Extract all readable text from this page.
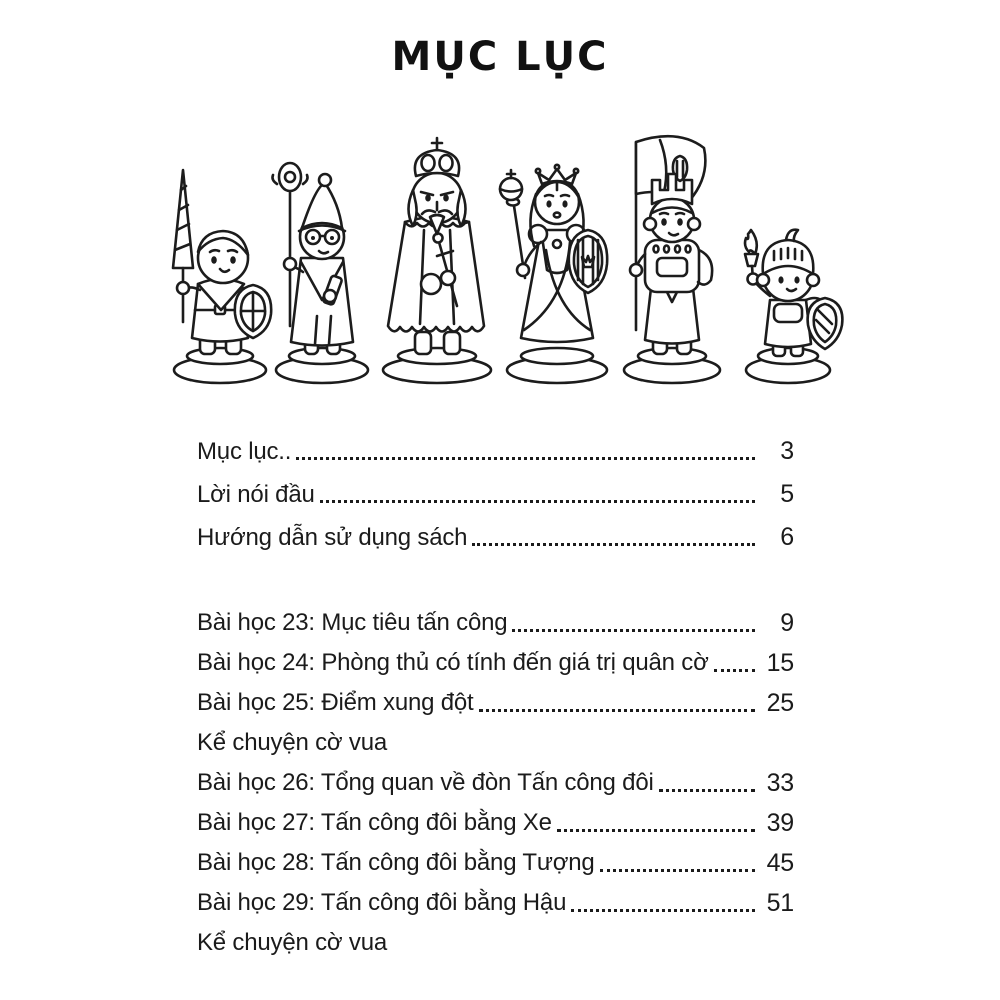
MỤC LỤC
Mục lục..	3
Lời nói đầu	5
Hướng dẫn sử dụng sách	6
Bài học 23: Mục tiêu tấn công	9
Bài học 24: Phòng thủ có tính đến giá trị quân cờ 15
Bài học 25: Điểm xung đột	25
Kể chuyện cờ vua
Bài học 26: Tổng quan về đòn Tấn công đôi	33
Bài học 27: Tấn công đôi bằng Xe	39
Bài học 28: Tấn công đôi bằng Tượng	45
Bài học 29: Tấn công đôi bằng Hậu	51
Kể chuyện cờ vua
